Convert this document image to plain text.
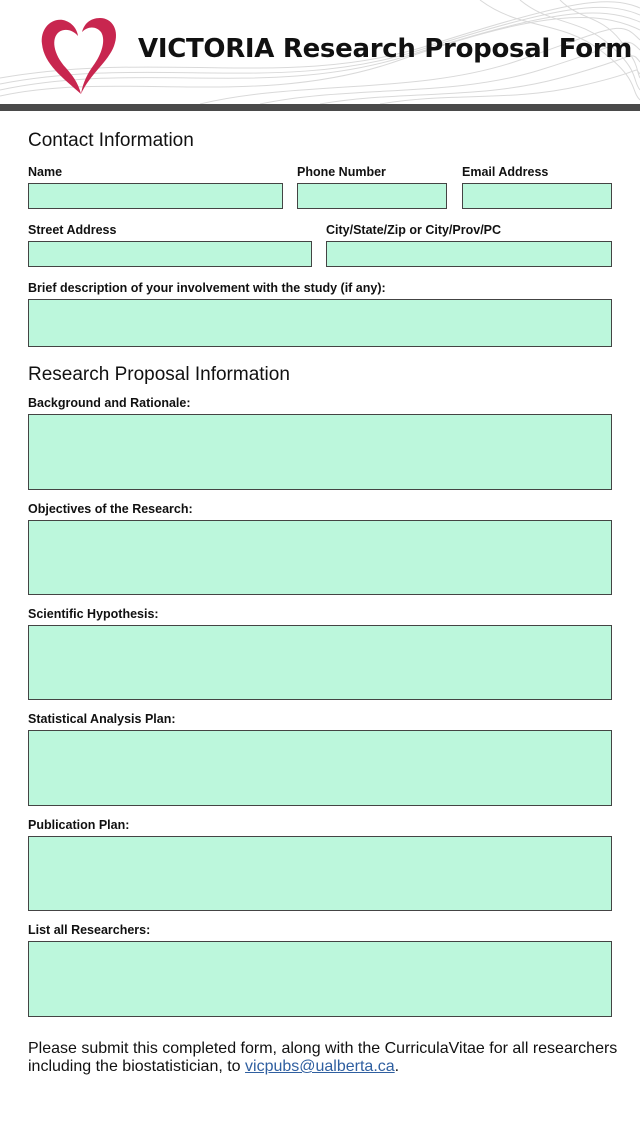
VICTORIA Research Proposal Form
Contact Information
Name	Phone Number	Email Address
Street Address	City/State/Zip or City/Prov/PC
Brief description of your involvement with the study (if any):
Research Proposal Information
Background and Rationale:
Objectives of the Research:
Scientific Hypothesis:
Statistical Analysis Plan:
Publication Plan:
List all Researchers:
Please submit this completed form, along with the CurriculaVitae for all researchers including the biostatistician, to vicpubs@ualberta.ca.
